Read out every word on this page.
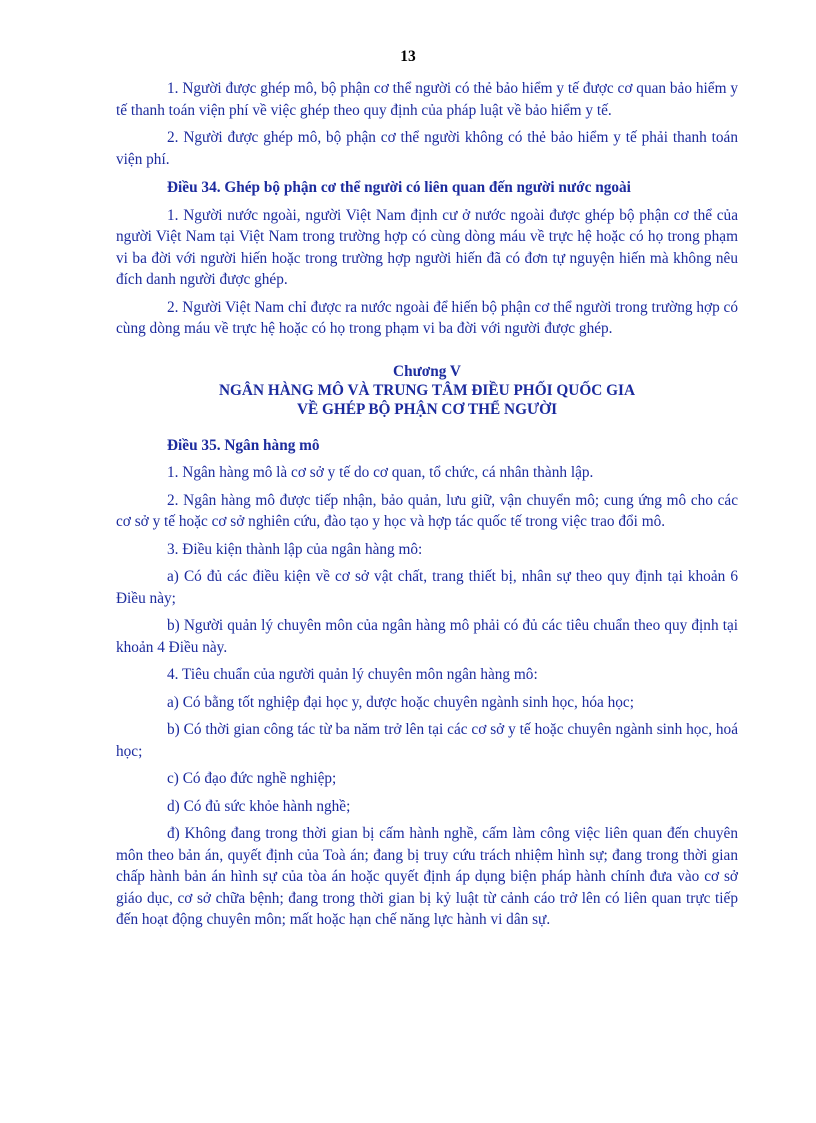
13

1. Người được ghép mô, bộ phận cơ thể người có thẻ bảo hiểm y tế được cơ quan bảo hiểm y tế thanh toán viện phí về việc ghép theo quy định của pháp luật về bảo hiểm y tế.

2. Người được ghép mô, bộ phận cơ thể người không có thẻ bảo hiểm y tế phải thanh toán viện phí.

Điều 34. Ghép bộ phận cơ thể người có liên quan đến người nước ngoài

1. Người nước ngoài, người Việt Nam định cư ở nước ngoài được ghép bộ phận cơ thể của người Việt Nam tại Việt Nam trong trường hợp có cùng dòng máu về trực hệ hoặc có họ trong phạm vi ba đời với người hiến hoặc trong trường hợp người hiến đã có đơn tự nguyện hiến mà không nêu đích danh người được ghép.

2. Người Việt Nam chỉ được ra nước ngoài để hiến bộ phận cơ thể người trong trường hợp có cùng dòng máu về trực hệ hoặc có họ trong phạm vi ba đời với người được ghép.

Chương V
NGÂN HÀNG MÔ VÀ TRUNG TÂM ĐIỀU PHỐI QUỐC GIA
VỀ GHÉP BỘ PHẬN CƠ THỂ NGƯỜI

Điều 35. Ngân hàng mô

1. Ngân hàng mô là cơ sở y tế do cơ quan, tổ chức, cá nhân thành lập.

2. Ngân hàng mô được tiếp nhận, bảo quản, lưu giữ, vận chuyển mô; cung ứng mô cho các cơ sở y tế hoặc cơ sở nghiên cứu, đào tạo y học và hợp tác quốc tế trong việc trao đổi mô.

3. Điều kiện thành lập của ngân hàng mô:

a) Có đủ các điều kiện về cơ sở vật chất, trang thiết bị, nhân sự theo quy định tại khoản 6 Điều này;

b) Người quản lý chuyên môn của ngân hàng mô phải có đủ các tiêu chuẩn theo quy định tại khoản 4 Điều này.

4. Tiêu chuẩn của người quản lý chuyên môn ngân hàng mô:

a) Có bằng tốt nghiệp đại học y, dược hoặc chuyên ngành sinh học, hóa học;

b) Có thời gian công tác từ ba năm trở lên tại các cơ sở y tế hoặc chuyên ngành sinh học, hoá học;

c) Có đạo đức nghề nghiệp;

d) Có đủ sức khỏe hành nghề;

đ) Không đang trong thời gian bị cấm hành nghề, cấm làm công việc liên quan đến chuyên môn theo bản án, quyết định của Toà án; đang bị truy cứu trách nhiệm hình sự; đang trong thời gian chấp hành bản án hình sự của tòa án hoặc quyết định áp dụng biện pháp hành chính đưa vào cơ sở giáo dục, cơ sở chữa bệnh; đang trong thời gian bị kỷ luật từ cảnh cáo trở lên có liên quan trực tiếp đến hoạt động chuyên môn; mất hoặc hạn chế năng lực hành vi dân sự.
